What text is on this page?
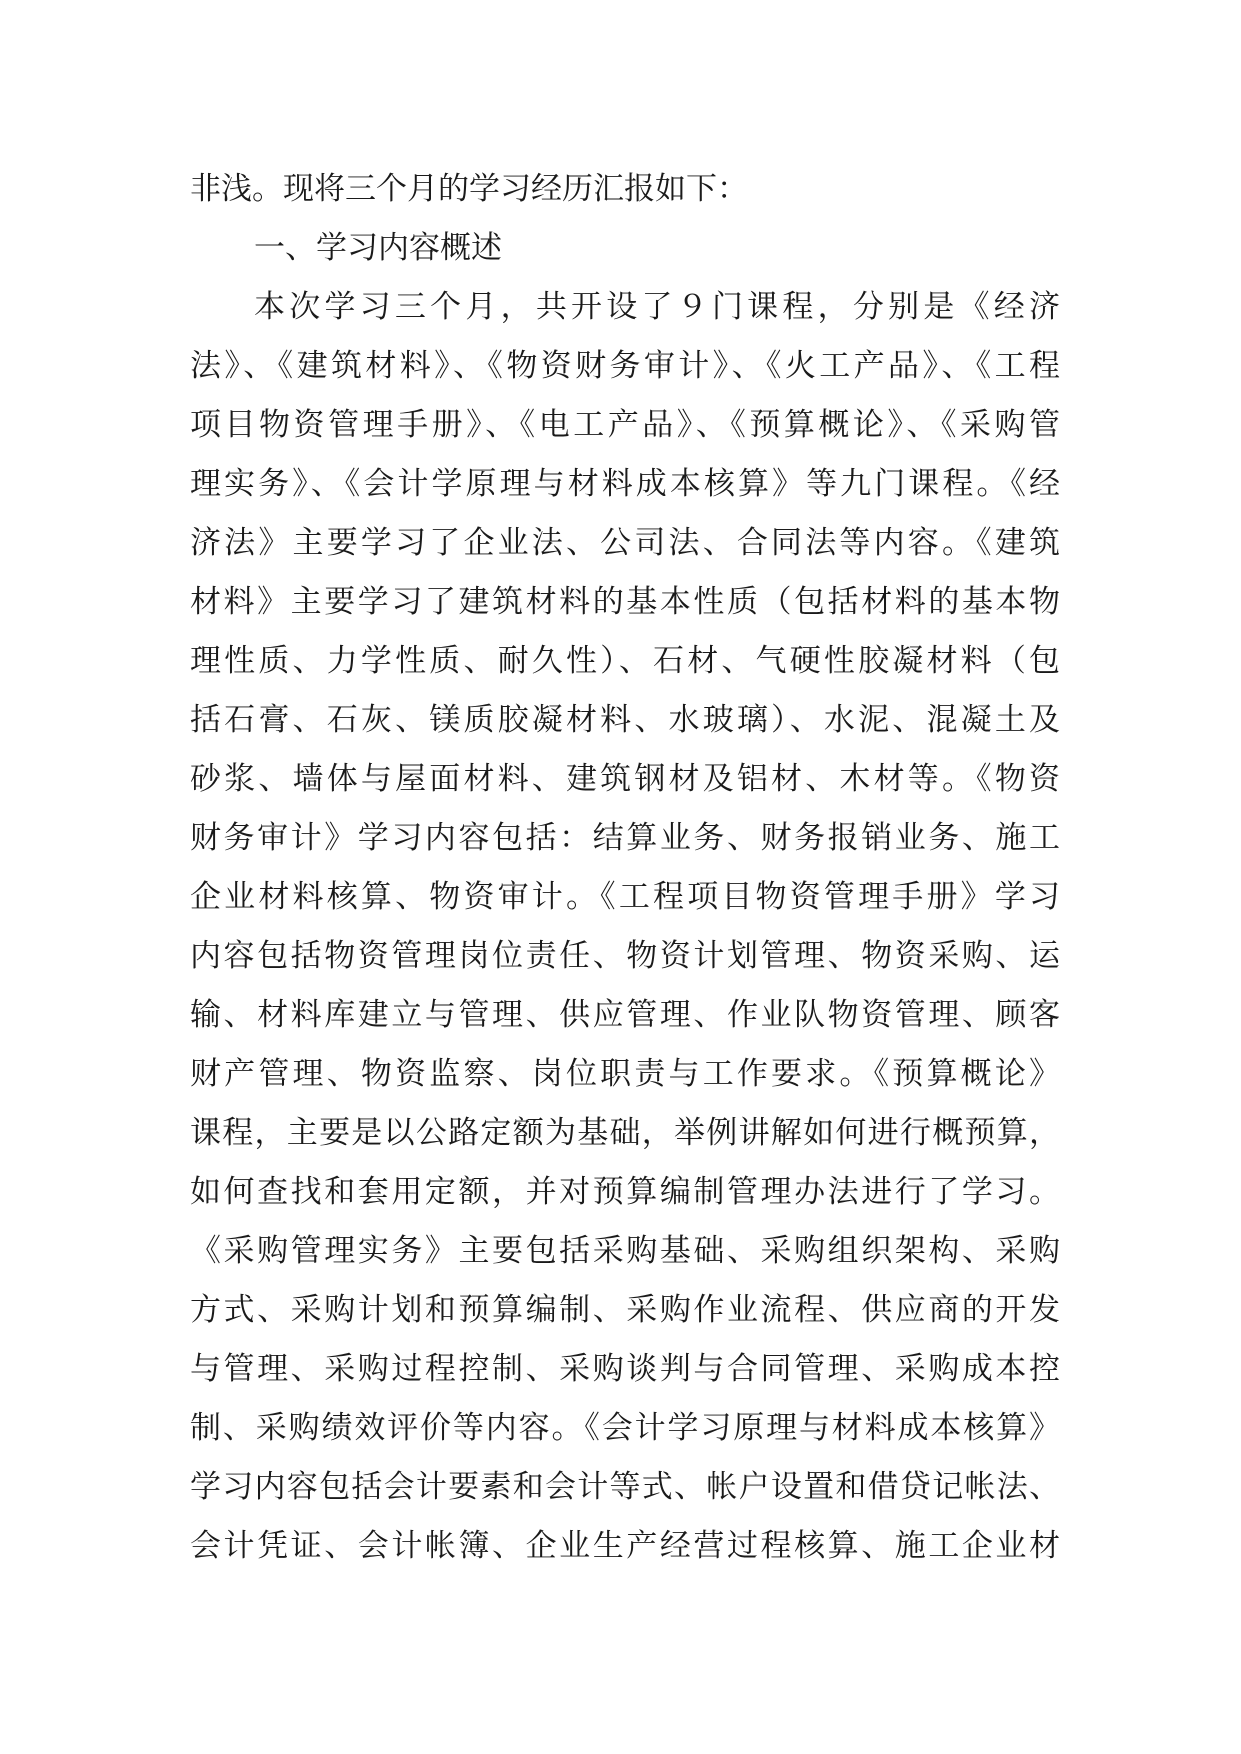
非浅。现将三个月的学习经历汇报如下：
一、学习内容概述
本次学习三个月，共开设了９门课程，分别是《经济
法》、《建筑材料》、《物资财务审计》、《火工产品》、《工程
项目物资管理手册》、《电工产品》、《预算概论》、《采购管
理实务》、《会计学原理与材料成本核算》等九门课程。《经
济法》主要学习了企业法、公司法、合同法等内容。《建筑
材料》主要学习了建筑材料的基本性质（包括材料的基本物
理性质、力学性质、耐久性）、石材、气硬性胶凝材料（包
括石膏、石灰、镁质胶凝材料、水玻璃）、水泥、混凝土及
砂浆、墙体与屋面材料、建筑钢材及铝材、木材等。《物资
财务审计》学习内容包括：结算业务、财务报销业务、施工
企业材料核算、物资审计。《工程项目物资管理手册》学习
内容包括物资管理岗位责任、物资计划管理、物资采购、运
输、材料库建立与管理、供应管理、作业队物资管理、顾客
财产管理、物资监察、岗位职责与工作要求。《预算概论》
课程，主要是以公路定额为基础，举例讲解如何进行概预算，
如何查找和套用定额，并对预算编制管理办法进行了学习。
《采购管理实务》主要包括采购基础、采购组织架构、采购
方式、采购计划和预算编制、采购作业流程、供应商的开发
与管理、采购过程控制、采购谈判与合同管理、采购成本控
制、采购绩效评价等内容。《会计学习原理与材料成本核算》
学习内容包括会计要素和会计等式、帐户设置和借贷记帐法、
会计凭证、会计帐簿、企业生产经营过程核算、施工企业材
